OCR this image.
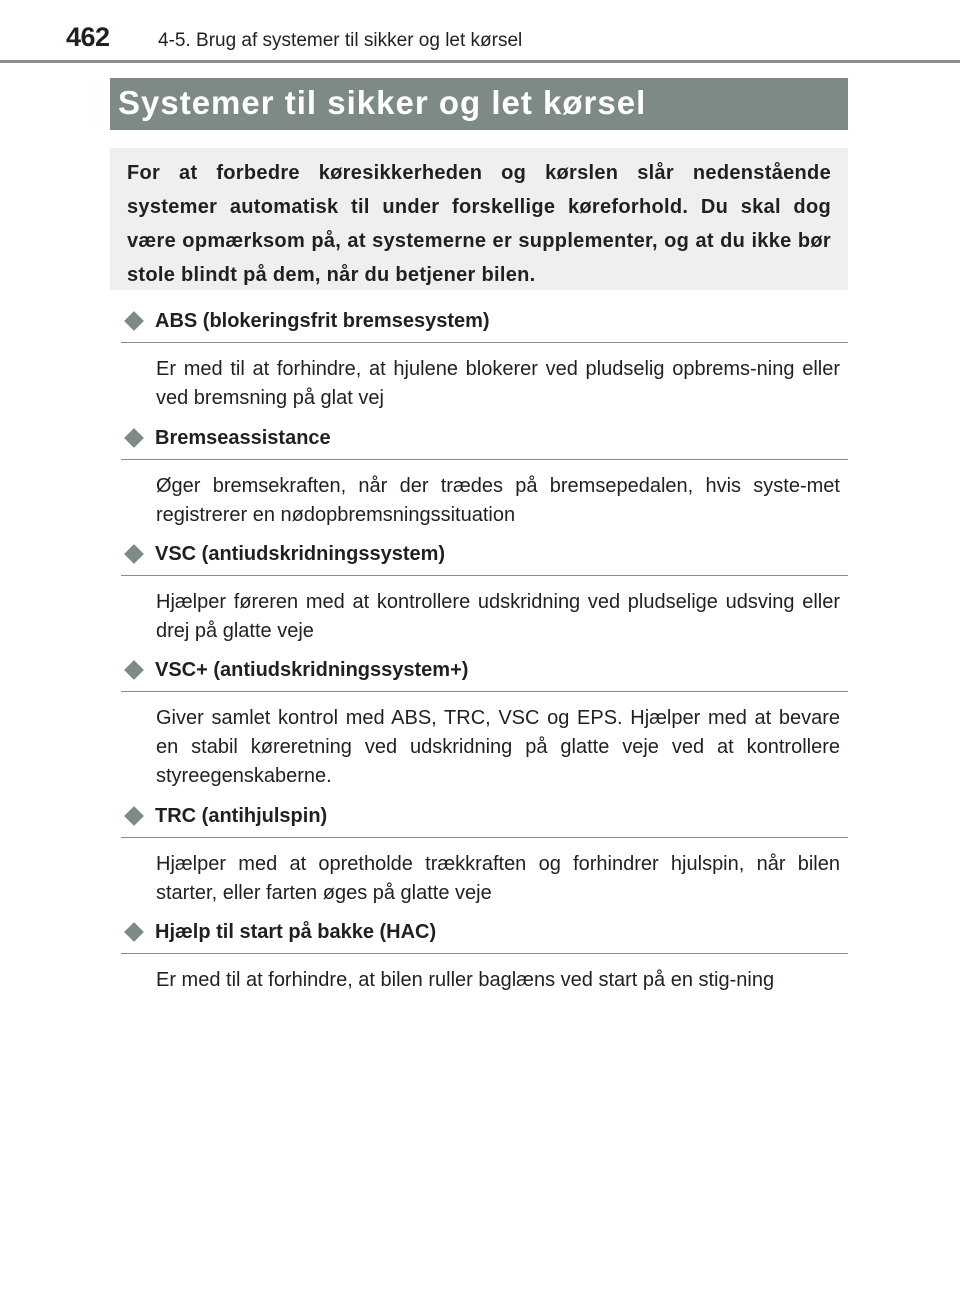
462	4-5. Brug af systemer til sikker og let kørsel
Systemer til sikker og let kørsel
For at forbedre køresikkerheden og kørslen slår nedenstående systemer automatisk til under forskellige køreforhold. Du skal dog være opmærksom på, at systemerne er supplementer, og at du ikke bør stole blindt på dem, når du betjener bilen.
ABS (blokeringsfrit bremsesystem)
Er med til at forhindre, at hjulene blokerer ved pludselig opbrems-ning eller ved bremsning på glat vej
Bremseassistance
Øger bremsekraften, når der trædes på bremsepedalen, hvis syste-met registrerer en nødopbremsningssituation
VSC (antiudskridningssystem)
Hjælper føreren med at kontrollere udskridning ved pludselige udsving eller drej på glatte veje
VSC+ (antiudskridningssystem+)
Giver samlet kontrol med ABS, TRC, VSC og EPS. Hjælper med at bevare en stabil køreretning ved udskridning på glatte veje ved at kontrollere styreegenskaberne.
TRC (antihjulspin)
Hjælper med at opretholde trækkraften og forhindrer hjulspin, når bilen starter, eller farten øges på glatte veje
Hjælp til start på bakke (HAC)
Er med til at forhindre, at bilen ruller baglæns ved start på en stig-ning
